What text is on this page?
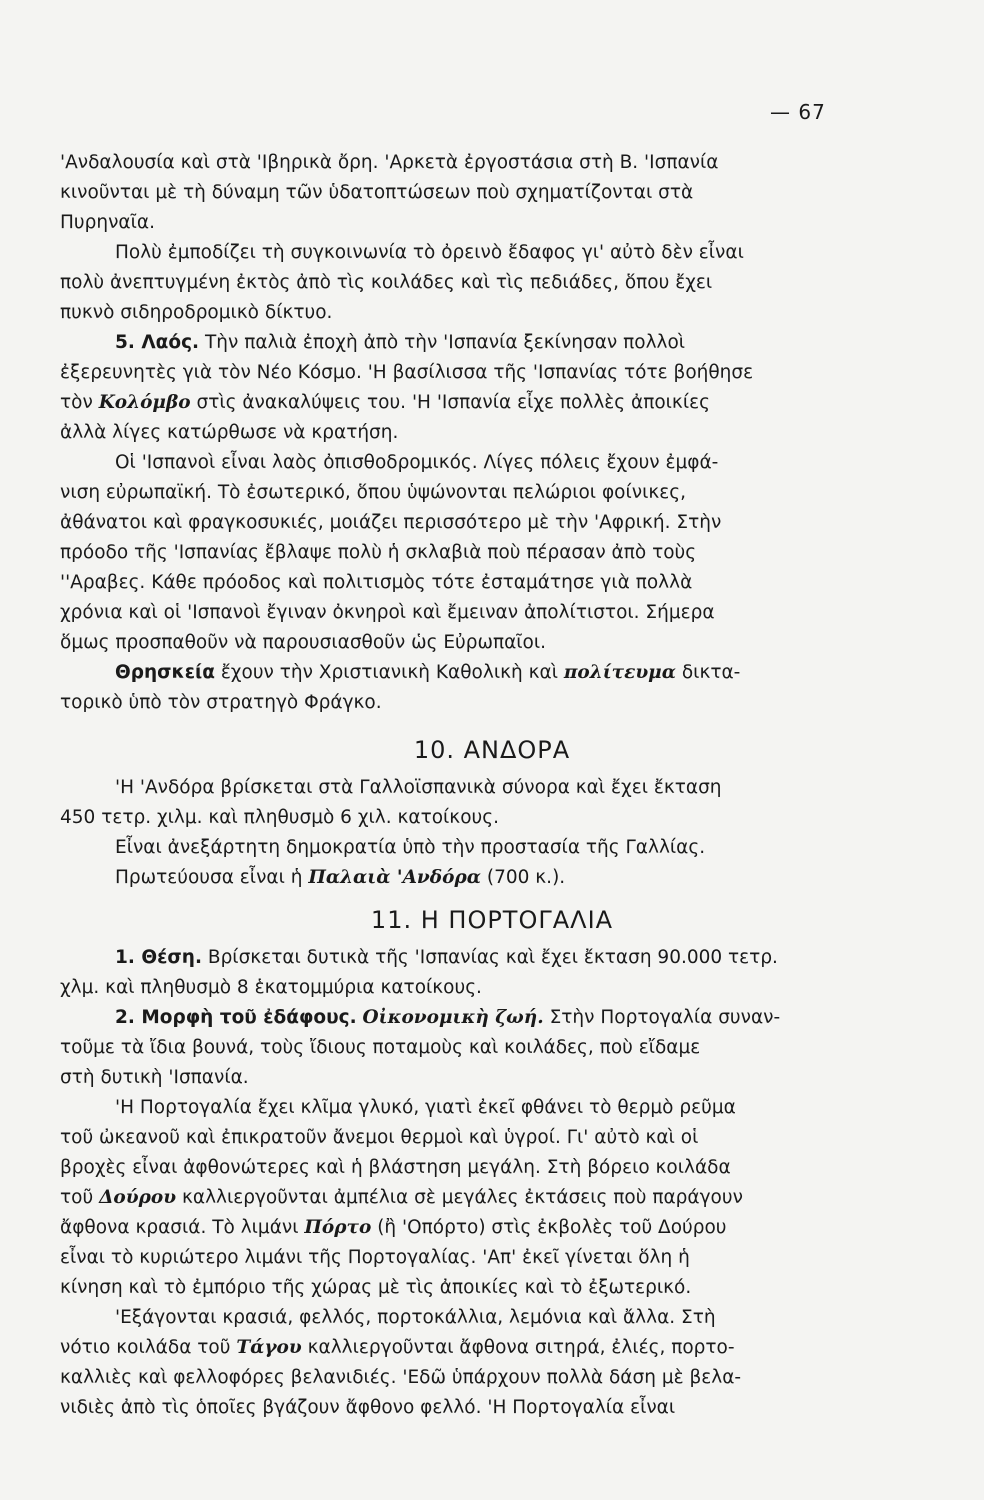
— 67

'Ανδαλουσία καὶ στὰ 'Ιβηρικὰ ὄρη. 'Αρκετὰ ἐργοστάσια στὴ Β. 'Ισπανία

κινοῦνται μὲ τὴ δύναμη τῶν ὑδατοπτώσεων ποὺ σχηματίζονται στὰ

Πυρηναῖα.

Πολὺ ἐμποδίζει τὴ συγκοινωνία τὸ ὀρεινὸ ἔδαφος γι' αὐτὸ δὲν εἶναι

πολὺ ἀνεπτυγμένη ἐκτὸς ἀπὸ τὶς κοιλάδες καὶ τὶς πεδιάδες, ὅπου ἔχει

πυκνὸ σιδηροδρομικὸ δίκτυο.

5. Λαός. Τὴν παλιὰ ἐποχὴ ἀπὸ τὴν 'Ισπανία ξεκίνησαν πολλοὶ

ἐξερευνητὲς γιὰ τὸν Νέο Κόσμο. 'Η βασίλισσα τῆς 'Ισπανίας τότε βοήθησε

τὸν Κολόμβο στὶς ἀνακαλύψεις του. 'Η 'Ισπανία εἶχε πολλὲς ἀποικίες

ἀλλὰ λίγες κατώρθωσε νὰ κρατήση.

Οἱ 'Ισπανοὶ εἶναι λαὸς ὀπισθοδρομικός. Λίγες πόλεις ἔχουν ἐμφά-

νιση εὐρωπαϊκή. Τὸ ἐσωτερικό, ὅπου ὑψώνονται πελώριοι φοίνικες,

ἀθάνατοι καὶ φραγκοσυκιές, μοιάζει περισσότερο μὲ τὴν 'Αφρική. Στὴν

πρόοδο τῆς 'Ισπανίας ἔβλαψε πολὺ ἡ σκλαβιὰ ποὺ πέρασαν ἀπὸ τοὺς

''Αραβες. Κάθε πρόοδος καὶ πολιτισμὸς τότε ἐσταμάτησε γιὰ πολλὰ

χρόνια καὶ οἱ 'Ισπανοὶ ἔγιναν ὀκνηροὶ καὶ ἔμειναν ἀπολίτιστοι. Σήμερα

ὅμως προσπαθοῦν νὰ παρουσιασθοῦν ὡς Εὐρωπαῖοι.

Θρησκεία ἔχουν τὴν Χριστιανικὴ Καθολικὴ καὶ πολίτευμα δικτα-

τορικὸ ὑπὸ τὸν στρατηγὸ Φράγκο.

10. ΑΝΔΟΡΑ

'Η 'Ανδόρα βρίσκεται στὰ Γαλλοϊσπανικὰ σύνορα καὶ ἔχει ἔκταση

450 τετρ. χιλμ. καὶ πληθυσμὸ 6 χιλ. κατοίκους.

Εἶναι ἀνεξάρτητη δημοκρατία ὑπὸ τὴν προστασία τῆς Γαλλίας.

Πρωτεύουσα εἶναι ἡ Παλαιὰ 'Ανδόρα (700 κ.).

11. Η ΠΟΡΤΟΓΑΛΙΑ

1. Θέση. Βρίσκεται δυτικὰ τῆς 'Ισπανίας καὶ ἔχει ἔκταση 90.000 τετρ.

χλμ. καὶ πληθυσμὸ 8 ἑκατομμύρια κατοίκους.

2. Μορφὴ τοῦ ἐδάφους. Οἰκονομικὴ ζωή. Στὴν Πορτογαλία συναν-

τοῦμε τὰ ἴδια βουνά, τοὺς ἴδιους ποταμοὺς καὶ κοιλάδες, ποὺ εἴδαμε

στὴ δυτικὴ 'Ισπανία.

'Η Πορτογαλία ἔχει κλῖμα γλυκό, γιατὶ ἐκεῖ φθάνει τὸ θερμὸ ρεῦμα

τοῦ ὠκεανοῦ καὶ ἐπικρατοῦν ἄνεμοι θερμοὶ καὶ ὑγροί. Γι' αὐτὸ καὶ οἱ

βροχὲς εἶναι ἀφθονώτερες καὶ ἡ βλάστηση μεγάλη. Στὴ βόρειο κοιλάδα

τοῦ Δούρου καλλιεργοῦνται ἀμπέλια σὲ μεγάλες ἐκτάσεις ποὺ παράγουν

ἄφθονα κρασιά. Τὸ λιμάνι Πόρτο (ἢ 'Οπόρτο) στὶς ἐκβολὲς τοῦ Δούρου

εἶναι τὸ κυριώτερο λιμάνι τῆς Πορτογαλίας. 'Απ' ἐκεῖ γίνεται ὅλη ἡ

κίνηση καὶ τὸ ἐμπόριο τῆς χώρας μὲ τὶς ἀποικίες καὶ τὸ ἐξωτερικό.

'Εξάγονται κρασιά, φελλός, πορτοκάλλια, λεμόνια καὶ ἄλλα. Στὴ

νότιο κοιλάδα τοῦ Τάγου καλλιεργοῦνται ἄφθονα σιτηρά, ἐλιές, πορτο-

καλλιὲς καὶ φελλοφόρες βελανιδιές. 'Εδῶ ὑπάρχουν πολλὰ δάση μὲ βελα-

νιδιὲς ἀπὸ τὶς ὁποῖες βγάζουν ἄφθονο φελλό. 'Η Πορτογαλία εἶναι
